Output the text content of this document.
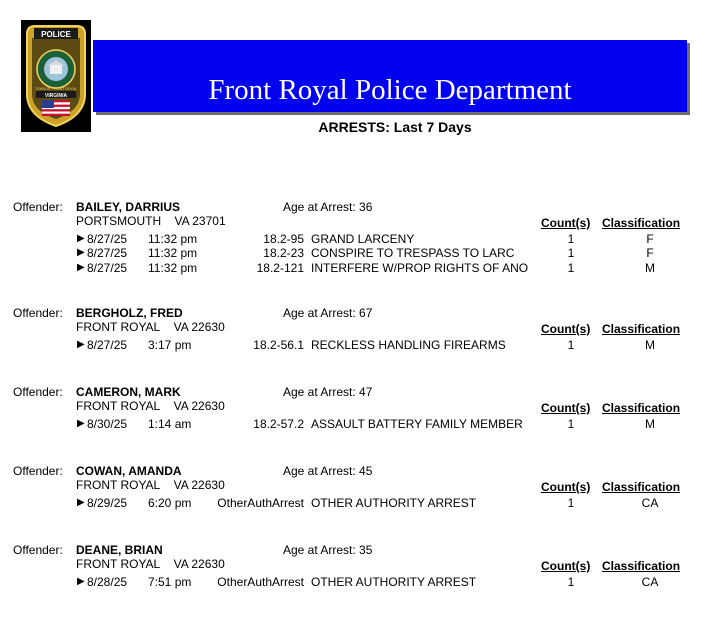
POLICE
TOWN OF FRONT ROYAL
VIRGINIA	Front Royal Police Department
ARRESTS: Last 7 Days
Offender: BAILEY, DARRIUS	Age at Arrest: 36
PORTSMOUTH VA 23701	Count(s) Classification
▶ 8/27/25	11:32 pm	18.2-95 GRAND LARCENY	1	F
▶ 8/27/25	11:32 pm	18.2-23 CONSPIRE TO TRESPASS TO LARC	1	F
▶ 8/27/25	11:32 pm	18.2-121 INTERFERE W/PROP RIGHTS OF ANO	1	M
Offender: BERGHOLZ, FRED	Age at Arrest: 67
FRONT ROYAL VA 22630	Count(s) Classification
▶ 8/27/25	3:17 pm	18.2-56.1 RECKLESS HANDLING FIREARMS	1	M
Offender: CAMERON, MARK	Age at Arrest: 47
FRONT ROYAL VA 22630	Count(s) Classification
▶ 8/30/25	1:14 am	18.2-57.2 ASSAULT BATTERY FAMILY MEMBER	1	M
Offender: COWAN, AMANDA	Age at Arrest: 45
FRONT ROYAL VA 22630	Count(s) Classification
▶ 8/29/25	6:20 pm	OtherAuthArrest OTHER AUTHORITY ARREST	1	CA
Offender: DEANE, BRIAN	Age at Arrest: 35
FRONT ROYAL VA 22630	Count(s) Classification
▶ 8/28/25	7:51 pm	OtherAuthArrest OTHER AUTHORITY ARREST	1	CA
